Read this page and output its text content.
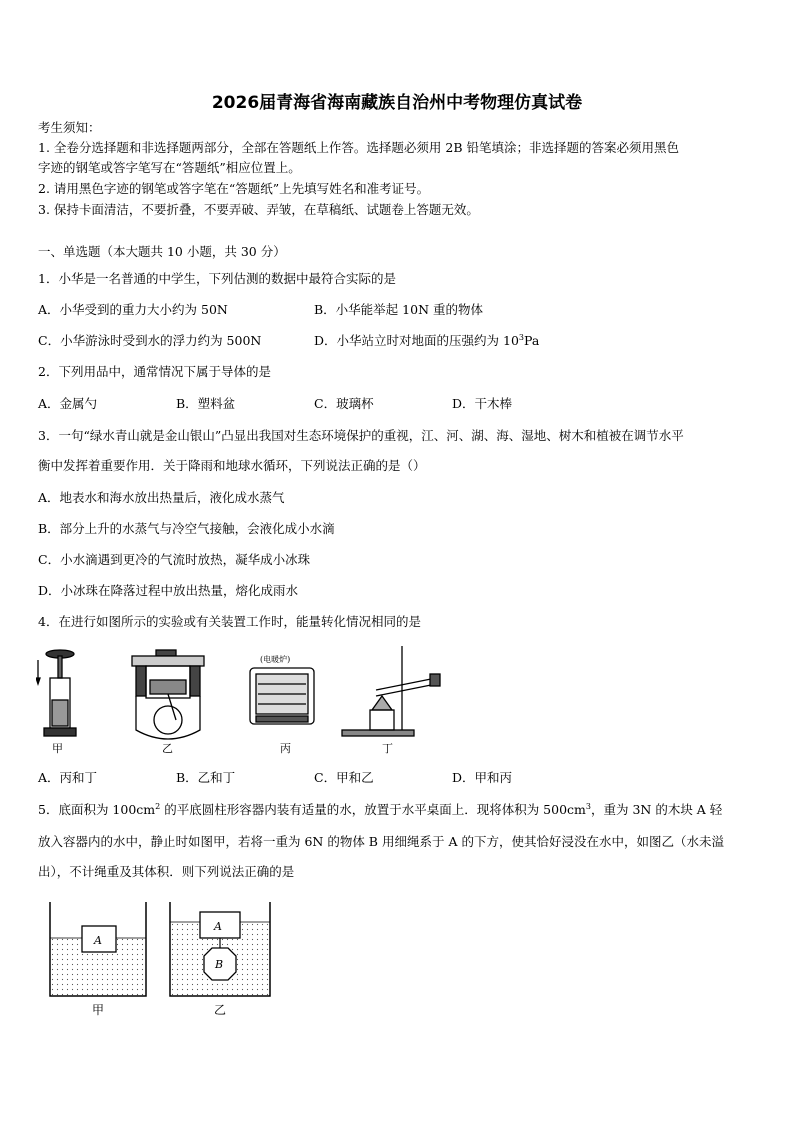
2026届青海省海南藏族自治州中考物理仿真试卷
考生须知：
1. 全卷分选择题和非选择题两部分，全部在答题纸上作答。选择题必须用 2B 铅笔填涂；非选择题的答案必须用黑色
字迹的钢笔或答字笔写在“答题纸”相应位置上。
2. 请用黑色字迹的钢笔或答字笔在“答题纸”上先填写姓名和准考证号。
3. 保持卡面清洁，不要折叠，不要弄破、弄皱，在草稿纸、试题卷上答题无效。
一、单选题（本大题共 10 小题，共 30 分）
1．小华是一名普通的中学生，下列估测的数据中最符合实际的是
A．小华受到的重力大小约为 50N	B．小华能举起 10N 重的物体
C．小华游泳时受到水的浮力约为 500N	D．小华站立时对地面的压强约为 $10^3Pa$
2．下列用品中，通常情况下属于导体的是
A．金属勺	B．塑料盆	C．玻璃杯	D．干木棒
3．一句“绿水青山就是金山银山”凸显出我国对生态环境保护的重视，江、河、湖、海、湿地、树木和植被在调节水平
衡中发挥着重要作用．关于降雨和地球水循环，下列说法正确的是（）
A．地表水和海水放出热量后，液化成水蒸气
B．部分上升的水蒸气与冷空气接触，会液化成小水滴
C．小水滴遇到更冷的气流时放热，凝华成小冰珠
D．小冰珠在降落过程中放出热量，熔化成雨水
4．在进行如图所示的实验或有关装置工作时，能量转化情况相同的是
甲	乙
(电暖炉)
丙	丁
A．丙和丁	B．乙和丁	C．甲和乙	D．甲和丙
5．底面积为 $100cm^2$ 的平底圆柱形容器内装有适量的水，放置于水平桌面上．现将体积为 $500cm^3$，重为 3N 的木块 A 轻
放入容器内的水中，静止时如图甲，若将一重为 6N 的物体 B 用细绳系于 A 的下方，使其恰好浸没在水中，如图乙（水未溢
出），不计绳重及其体积．则下列说法正确的是
A
甲
A
B
乙
